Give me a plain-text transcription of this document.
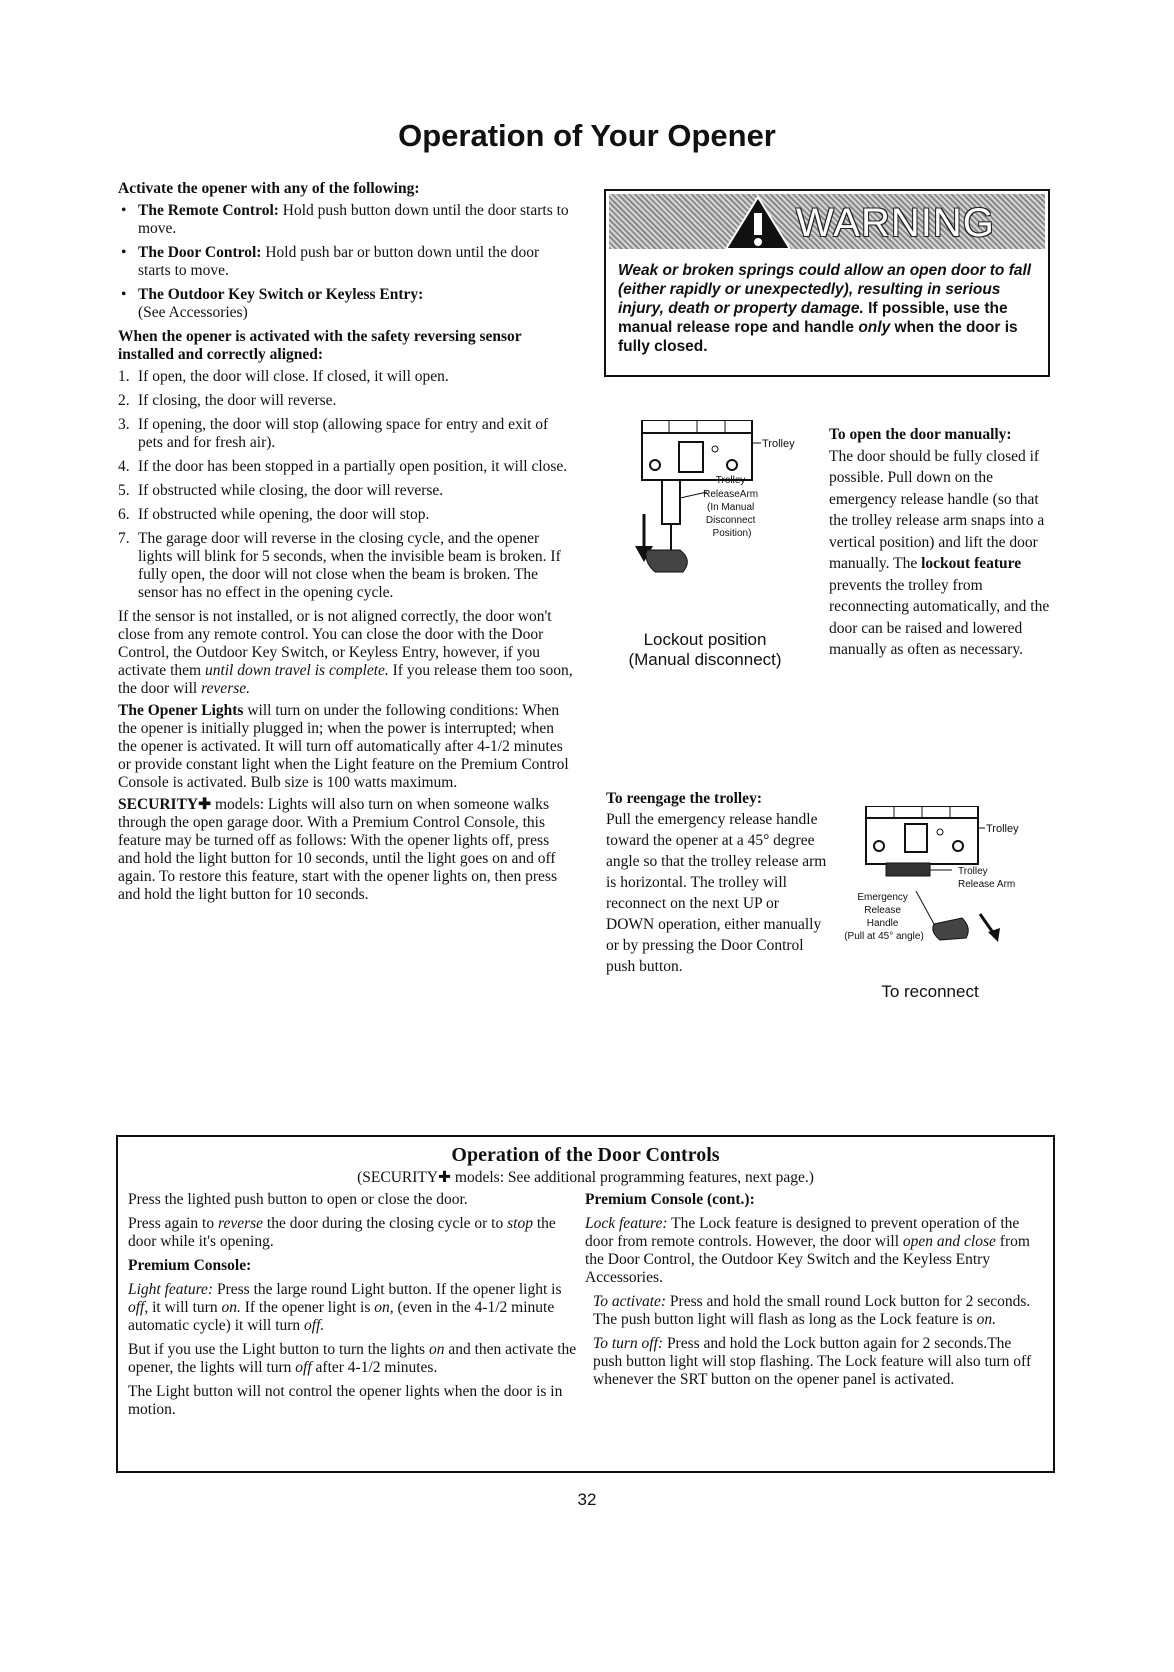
Operation of Your Opener

Activate the opener with any of the following:

• The Remote Control: Hold push button down until the door starts to move.
• The Door Control: Hold push bar or button down until the door starts to move.
• The Outdoor Key Switch or Keyless Entry:
(See Accessories)

When the opener is activated with the safety reversing sensor installed and correctly aligned:

1. If open, the door will close. If closed, it will open.
2. If closing, the door will reverse.
3. If opening, the door will stop (allowing space for entry and exit of pets and for fresh air).
4. If the door has been stopped in a partially open position, it will close.
5. If obstructed while closing, the door will reverse.
6. If obstructed while opening, the door will stop.
7. The garage door will reverse in the closing cycle, and the opener lights will blink for 5 seconds, when the invisible beam is broken. If fully open, the door will not close when the beam is broken. The sensor has no effect in the opening cycle.

If the sensor is not installed, or is not aligned correctly, the door won't close from any remote control. You can close the door with the Door Control, the Outdoor Key Switch, or Keyless Entry, however, if you activate them until down travel is complete. If you release them too soon, the door will reverse.

The Opener Lights will turn on under the following conditions: When the opener is initially plugged in; when the power is interrupted; when the opener is activated. It will turn off automatically after 4-1/2 minutes or provide constant light when the Light feature on the Premium Control Console is activated. Bulb size is 100 watts maximum.

SECURITY✚ models: Lights will also turn on when someone walks through the open garage door. With a Premium Control Console, this feature may be turned off as follows: With the opener lights off, press and hold the light button for 10 seconds, until the light goes on and off again. To restore this feature, start with the opener lights on, then press and hold the light button for 10 seconds.

WARNING
Weak or broken springs could allow an open door to fall (either rapidly or unexpectedly), resulting in serious injury, death or property damage. If possible, use the manual release rope and handle only when the door is fully closed.
Trolley
Trolley ReleaseArm (In Manual Disconnect Position)
Lockout position
(Manual disconnect)

To open the door manually:

The door should be fully closed if possible. Pull down on the emergency release handle (so that the trolley release arm snaps into a vertical position) and lift the door manually. The lockout feature prevents the trolley from reconnecting automatically, and the door can be raised and lowered manually as often as necessary.

To reengage the trolley:

Pull the emergency release handle toward the opener at a 45° degree angle so that the trolley release arm is horizontal. The trolley will reconnect on the next UP or DOWN operation, either manually or by pressing the Door Control push button.

Trolley
Trolley
Release Arm
Emergency Release Handle (Pull at 45° angle)
To reconnect
Operation of the Door Controls
(SECURITY✚ models: See additional programming features, next page.)

Press the lighted push button to open or close the door.

Press again to reverse the door during the closing cycle or to stop the door while it's opening.

Premium Console:

Light feature: Press the large round Light button. If the opener light is off, it will turn on. If the opener light is on, (even in the 4-1/2 minute automatic cycle) it will turn off.

But if you use the Light button to turn the lights on and then activate the opener, the lights will turn off after 4-1/2 minutes.

The Light button will not control the opener lights when the door is in motion.

Premium Console (cont.):

Lock feature: The Lock feature is designed to prevent operation of the door from remote controls. However, the door will open and close from the Door Control, the Outdoor Key Switch and the Keyless Entry Accessories.

To activate: Press and hold the small round Lock button for 2 seconds. The push button light will flash as long as the Lock feature is on.

To turn off: Press and hold the Lock button again for 2 seconds.The push button light will stop flashing. The Lock feature will also turn off whenever the SRT button on the opener panel is activated.

32
